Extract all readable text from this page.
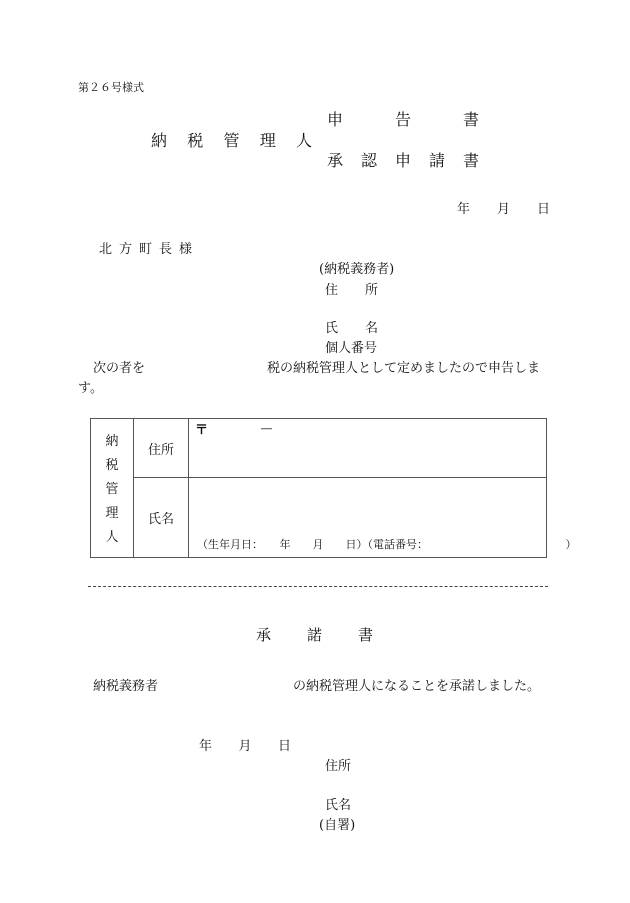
第２６号様式
納 税 管 理 人
申	告	書
承 認 申 請 書
年 月 日
北 方 町 長 様
(納税義務者)
住 所
氏 名
個人番号
次の者を	税の納税管理人として定めましたので申告しま
す。
納
税
管
理
人	住所	〒 ―

	氏名	（生年月日：　　年　　月　　日）（電話番号：　　　　　　　　　　　　　）
承 諾 書
納税義務者	の納税管理人になることを承諾しました。
年 月 日
住所
氏名
(自署)
